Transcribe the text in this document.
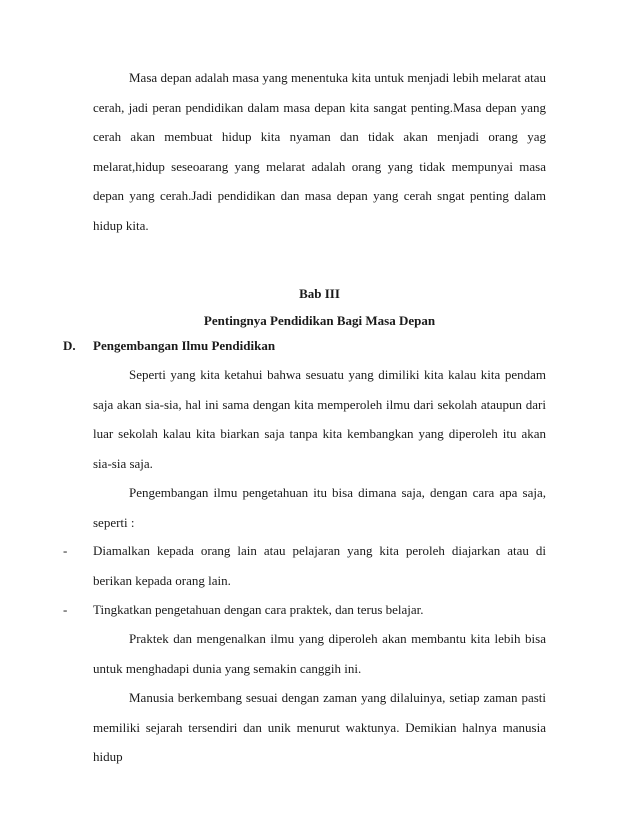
Masa depan adalah masa yang menentuka kita untuk menjadi lebih melarat atau cerah, jadi peran pendidikan dalam masa depan kita sangat penting.Masa depan yang cerah akan membuat hidup kita nyaman dan tidak akan menjadi orang yag melarat,hidup seseoarang yang melarat adalah orang yang tidak mempunyai masa depan yang cerah.Jadi pendidikan dan masa depan yang cerah sngat penting dalam hidup kita.

Bab III

Pentingnya Pendidikan Bagi Masa Depan

D. Pengembangan Ilmu Pendidikan

Seperti yang kita ketahui bahwa sesuatu yang dimiliki kita kalau kita pendam saja akan sia-sia, hal ini sama dengan kita memperoleh ilmu dari sekolah ataupun dari luar sekolah kalau kita biarkan saja tanpa kita kembangkan yang diperoleh itu akan sia-sia saja.

Pengembangan ilmu pengetahuan itu bisa dimana saja, dengan cara apa saja, seperti :

- Diamalkan kepada orang lain atau pelajaran yang kita peroleh diajarkan atau di berikan kepada orang lain.
- Tingkatkan pengetahuan dengan cara praktek, dan terus belajar.

Praktek dan mengenalkan ilmu yang diperoleh akan membantu kita lebih bisa untuk menghadapi dunia yang semakin canggih ini.

Manusia berkembang sesuai dengan zaman yang dilaluinya, setiap zaman pasti memiliki sejarah tersendiri dan unik menurut waktunya. Demikian halnya manusia hidup
